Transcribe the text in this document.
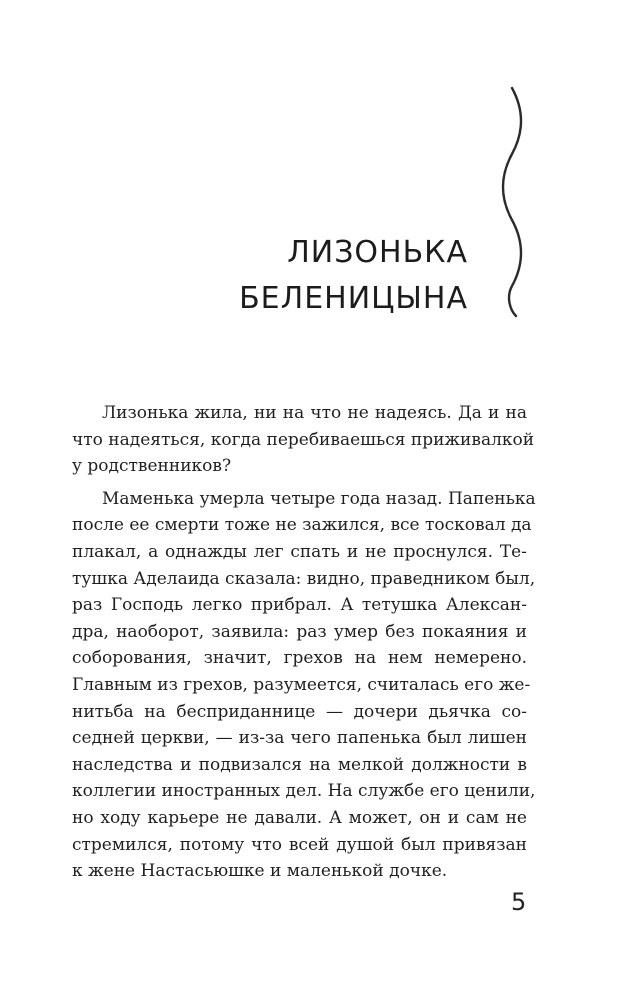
ЛИЗОНЬКА
БЕЛЕНИЦЫНА

Лизонька жила, ни на что не надеясь. Да и на
что надеяться, когда перебиваешься приживалкой
у родственников?

Маменька умерла четыре года назад. Папенька
после ее смерти тоже не зажился, все тосковал да
плакал, а однажды лег спать и не проснулся. Те-
тушка Аделаида сказала: видно, праведником был,
раз Господь легко прибрал. А тетушка Алексан-
дра, наоборот, заявила: раз умер без покаяния и
соборования, значит, грехов на нем немерено.
Главным из грехов, разумеется, считалась его же-
нитьба на бесприданнице — дочери дьячка со-
седней церкви, — из-за чего папенька был лишен
наследства и подвизался на мелкой должности в
коллегии иностранных дел. На службе его ценили,
но ходу карьере не давали. А может, он и сам не
стремился, потому что всей душой был привязан
к жене Настасьюшке и маленькой дочке.

5
